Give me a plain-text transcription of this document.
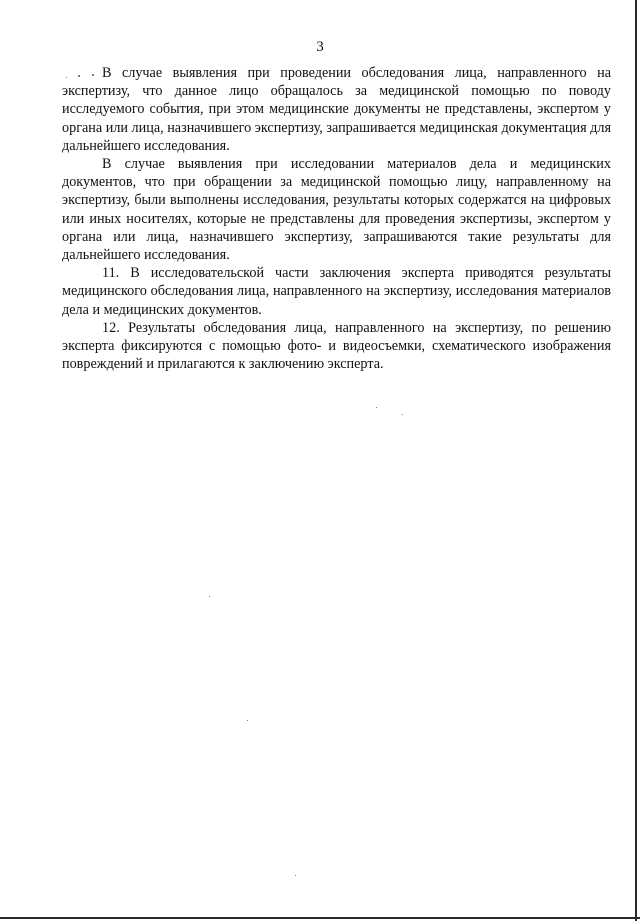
3

В случае выявления при проведении обследования лица, направленного на экспертизу, что данное лицо обращалось за медицинской помощью по поводу исследуемого события, при этом медицинские документы не представлены, экспертом у органа или лица, назначившего экспертизу, запрашивается медицинская документация для дальнейшего исследования.

В случае выявления при исследовании материалов дела и медицинских документов, что при обращении за медицинской помощью лицу, направленному на экспертизу, были выполнены исследования, результаты которых содержатся на цифровых или иных носителях, которые не представлены для проведения экспертизы, экспертом у органа или лица, назначившего экспертизу, запрашиваются такие результаты для дальнейшего исследования.

11. В исследовательской части заключения эксперта приводятся результаты медицинского обследования лица, направленного на экспертизу, исследования материалов дела и медицинских документов.

12. Результаты обследования лица, направленного на экспертизу, по решению эксперта фиксируются с помощью фото- и видеосъемки, схематического изображения повреждений и прилагаются к заключению эксперта.
